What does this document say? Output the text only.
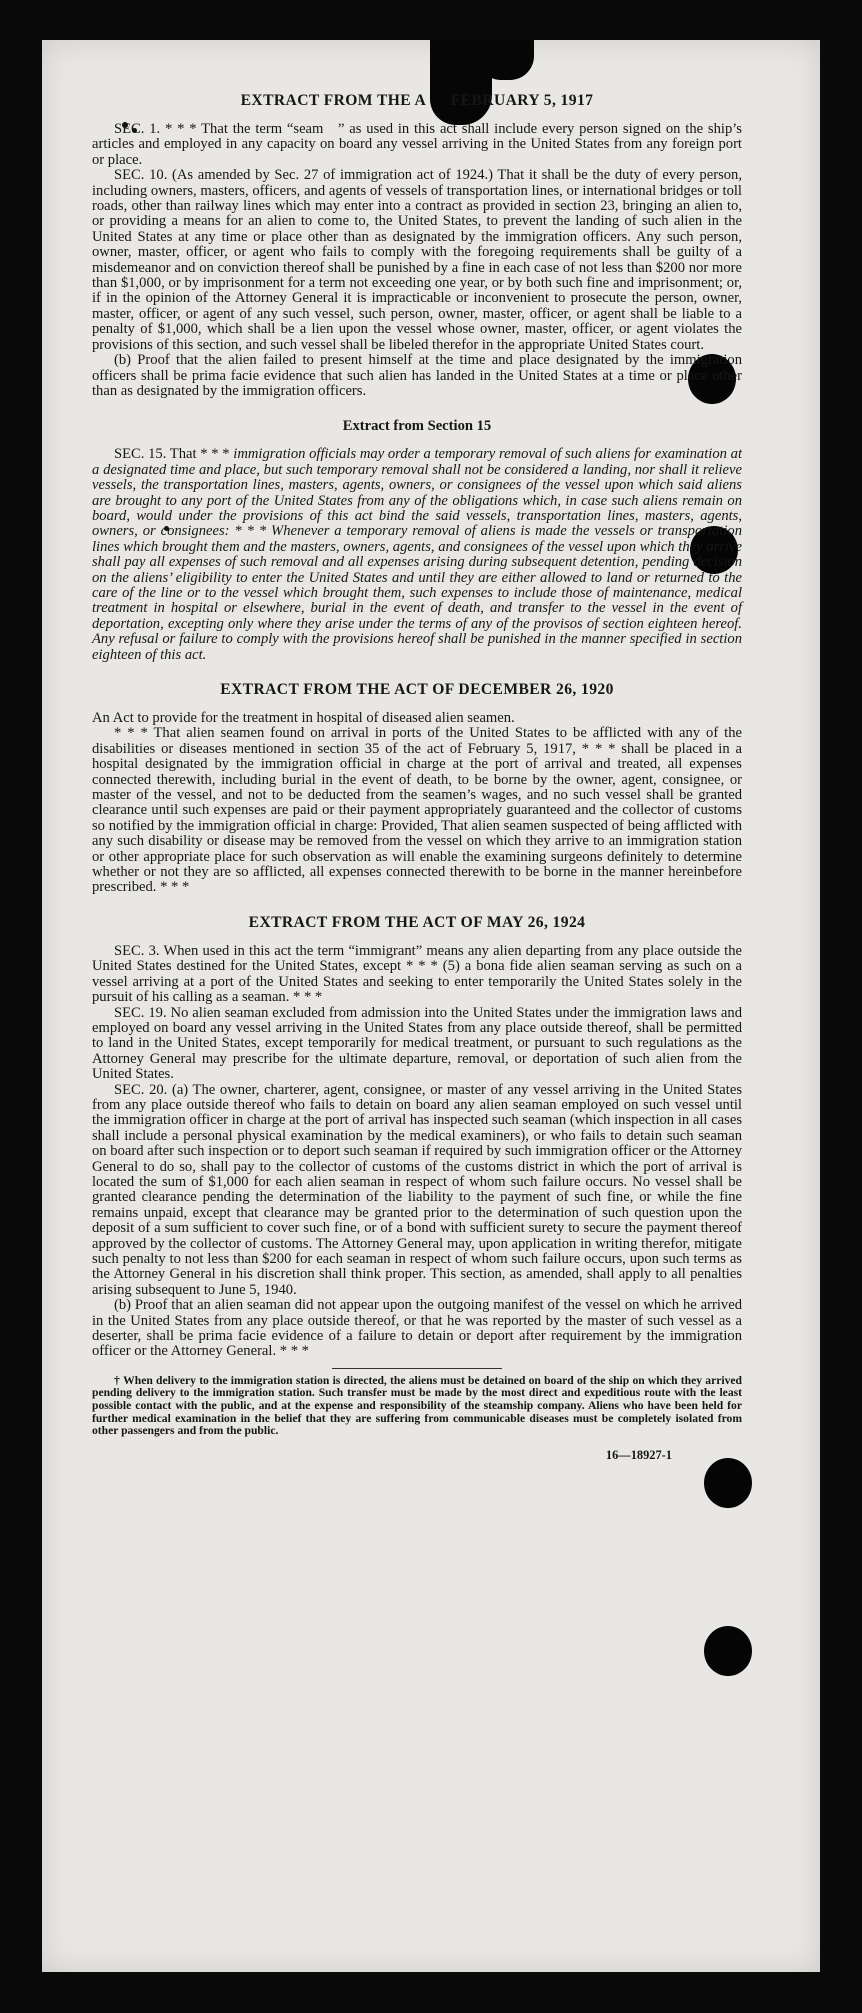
EXTRACT FROM THE A   FEBRUARY 5, 1917

SEC. 1. * * * That the term “seam  ” as used in this act shall include every person signed on the ship’s articles and employed in any capacity on board any vessel arriving in the United States from any foreign port or place.

SEC. 10. (As amended by Sec. 27 of immigration act of 1924.) That it shall be the duty of every person, including owners, masters, officers, and agents of vessels of transportation lines, or international bridges or toll roads, other than railway lines which may enter into a contract as provided in section 23, bringing an alien to, or providing a means for an alien to come to, the United States, to prevent the landing of such alien in the United States at any time or place other than as designated by the immigration officers. Any such person, owner, master, officer, or agent who fails to comply with the foregoing requirements shall be guilty of a misdemeanor and on conviction thereof shall be punished by a fine in each case of not less than $200 nor more than $1,000, or by imprisonment for a term not exceeding one year, or by both such fine and imprisonment; or, if in the opinion of the Attorney General it is impracticable or inconvenient to prosecute the person, owner, master, officer, or agent of any such vessel, such person, owner, master, officer, or agent shall be liable to a penalty of $1,000, which shall be a lien upon the vessel whose owner, master, officer, or agent violates the provisions of this section, and such vessel shall be libeled therefor in the appropriate United States court.

(b) Proof that the alien failed to present himself at the time and place designated by the immigration officers shall be prima facie evidence that such alien has landed in the United States at a time or place other than as designated by the immigration officers.

Extract from Section 15

SEC. 15. That * * * immigration officials may order a temporary removal of such aliens for examination at a designated time and place, but such temporary removal shall not be considered a landing, nor shall it relieve vessels, the transportation lines, masters, agents, owners, or consignees of the vessel upon which said aliens are brought to any port of the United States from any of the obligations which, in case such aliens remain on board, would under the provisions of this act bind the said vessels, transportation lines, masters, agents, owners, or consignees: * * * Whenever a temporary removal of aliens is made the vessels or transportation lines which brought them and the masters, owners, agents, and consignees of the vessel upon which they arrive shall pay all expenses of such removal and all expenses arising during subsequent detention, pending decision on the aliens’ eligibility to enter the United States and until they are either allowed to land or returned to the care of the line or to the vessel which brought them, such expenses to include those of maintenance, medical treatment in hospital or elsewhere, burial in the event of death, and transfer to the vessel in the event of deportation, excepting only where they arise under the terms of any of the provisos of section eighteen hereof. Any refusal or failure to comply with the provisions hereof shall be punished in the manner specified in section eighteen of this act.

EXTRACT FROM THE ACT OF DECEMBER 26, 1920

An Act to provide for the treatment in hospital of diseased alien seamen.

* * * That alien seamen found on arrival in ports of the United States to be afflicted with any of the disabilities or diseases mentioned in section 35 of the act of February 5, 1917, * * * shall be placed in a hospital designated by the immigration official in charge at the port of arrival and treated, all expenses connected therewith, including burial in the event of death, to be borne by the owner, agent, consignee, or master of the vessel, and not to be deducted from the seamen’s wages, and no such vessel shall be granted clearance until such expenses are paid or their payment appropriately guaranteed and the collector of customs so notified by the immigration official in charge: Provided, That alien seamen suspected of being afflicted with any such disability or disease may be removed from the vessel on which they arrive to an immigration station or other appropriate place for such observation as will enable the examining surgeons definitely to determine whether or not they are so afflicted, all expenses connected therewith to be borne in the manner hereinbefore prescribed. * * *

EXTRACT FROM THE ACT OF MAY 26, 1924

SEC. 3. When used in this act the term “immigrant” means any alien departing from any place outside the United States destined for the United States, except * * * (5) a bona fide alien seaman serving as such on a vessel arriving at a port of the United States and seeking to enter temporarily the United States solely in the pursuit of his calling as a seaman. * * *

SEC. 19. No alien seaman excluded from admission into the United States under the immigration laws and employed on board any vessel arriving in the United States from any place outside thereof, shall be permitted to land in the United States, except temporarily for medical treatment, or pursuant to such regulations as the Attorney General may prescribe for the ultimate departure, removal, or deportation of such alien from the United States.

SEC. 20. (a) The owner, charterer, agent, consignee, or master of any vessel arriving in the United States from any place outside thereof who fails to detain on board any alien seaman employed on such vessel until the immigration officer in charge at the port of arrival has inspected such seaman (which inspection in all cases shall include a personal physical examination by the medical examiners), or who fails to detain such seaman on board after such inspection or to deport such seaman if required by such immigration officer or the Attorney General to do so, shall pay to the collector of customs of the customs district in which the port of arrival is located the sum of $1,000 for each alien seaman in respect of whom such failure occurs. No vessel shall be granted clearance pending the determination of the liability to the payment of such fine, or while the fine remains unpaid, except that clearance may be granted prior to the determination of such question upon the deposit of a sum sufficient to cover such fine, or of a bond with sufficient surety to secure the payment thereof approved by the collector of customs. The Attorney General may, upon application in writing therefor, mitigate such penalty to not less than $200 for each seaman in respect of whom such failure occurs, upon such terms as the Attorney General in his discretion shall think proper. This section, as amended, shall apply to all penalties arising subsequent to June 5, 1940.

(b) Proof that an alien seaman did not appear upon the outgoing manifest of the vessel on which he arrived in the United States from any place outside thereof, or that he was reported by the master of such vessel as a deserter, shall be prima facie evidence of a failure to detain or deport after requirement by the immigration officer or the Attorney General. * * *

† When delivery to the immigration station is directed, the aliens must be detained on board of the ship on which they arrived pending delivery to the immigration station. Such transfer must be made by the most direct and expeditious route with the least possible contact with the public, and at the expense and responsibility of the steamship company. Aliens who have been held for further medical examination in the belief that they are suffering from communicable diseases must be completely isolated from other passengers and from the public.

16—18927-1
